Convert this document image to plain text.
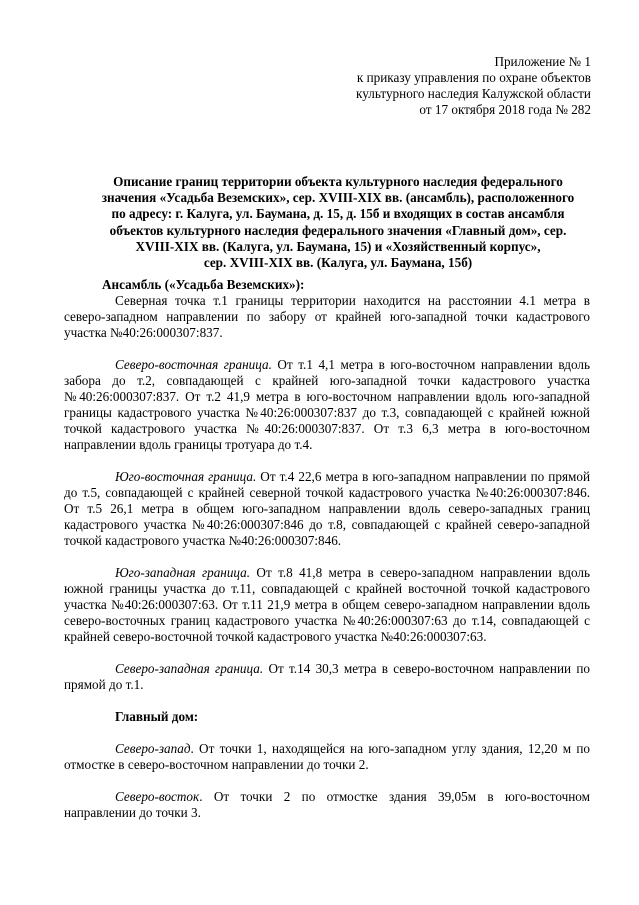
Приложение № 1
к приказу управления по охране объектов
культурного наследия Калужской области
от 17 октября 2018 года № 282
Описание границ территории объекта культурного наследия федерального
значения «Усадьба Веземских», сер. XVIII-XIX вв. (ансамбль), расположенного
по адресу: г. Калуга, ул. Баумана, д. 15, д. 15б и входящих в состав ансамбля
объектов культурного наследия федерального значения «Главный дом», сер.
XVIII-XIX вв. (Калуга, ул. Баумана, 15) и «Хозяйственный корпус»,
сер. XVIII-XIX вв. (Калуга, ул. Баумана, 15б)

Ансамбль («Усадьба Веземских»):

Северная точка т.1 границы территории находится на расстоянии 4.1 метра в северо-западном направлении по забору от крайней юго-западной точки кадастрового участка №40:26:000307:837.

Северо-восточная граница. От т.1 4,1 метра в юго-восточном направлении вдоль забора до т.2, совпадающей с крайней юго-западной точки кадастрового участка №40:26:000307:837. От т.2 41,9 метра в юго-восточном направлении вдоль юго-западной границы кадастрового участка №40:26:000307:837 до т.3, совпадающей с крайней южной точкой кадастрового участка №40:26:000307:837. От т.3 6,3 метра в юго-восточном направлении вдоль границы тротуара до т.4.

Юго-восточная граница. От т.4 22,6 метра в юго-западном направлении по прямой до т.5, совпадающей с крайней северной точкой кадастрового участка №40:26:000307:846. От т.5 26,1 метра в общем юго-западном направлении вдоль северо-западных границ кадастрового участка №40:26:000307:846 до т.8, совпадающей с крайней северо-западной точкой кадастрового участка №40:26:000307:846.

Юго-западная граница. От т.8 41,8 метра в северо-западном направлении вдоль южной границы участка до т.11, совпадающей с крайней восточной точкой кадастрового участка №40:26:000307:63. От т.11 21,9 метра в общем северо-западном направлении вдоль северо-восточных границ кадастрового участка №40:26:000307:63 до т.14, совпадающей с крайней северо-восточной точкой кадастрового участка №40:26:000307:63.

Северо-западная граница. От т.14 30,3 метра в северо-восточном направлении по прямой до т.1.

Главный дом:

Северо-запад. От точки 1, находящейся на юго-западном углу здания, 12,20 м по отмостке в северо-восточном направлении до точки 2.

Северо-восток. От точки 2 по отмостке здания 39,05м в юго-восточном направлении до точки 3.
